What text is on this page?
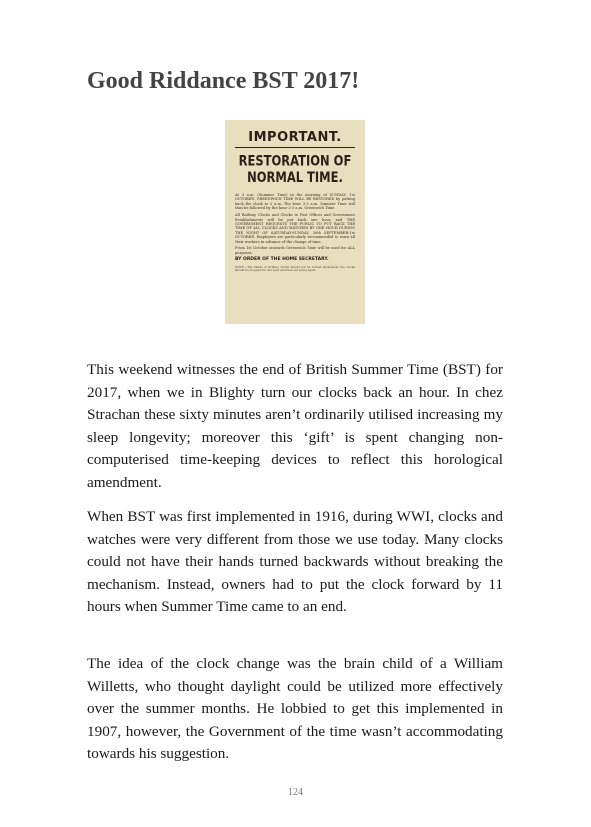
Good Riddance BST 2017!
IMPORTANT.
RESTORATION OF
NORMAL TIME.

At 3 a.m. (Summer Time) in the morning of SUNDAY, 1st OCTOBER, GREENWICH TIME WILL BE RESTORED by putting back the clock to 2 a.m. The hour 2-3 a.m. Summer Time will thus be followed by the hour 2-3 a.m. Greenwich Time.

All Railway Clocks and Clocks in Post Offices and Government Establishments will be put back one hour, and THE GOVERNMENT REQUESTS THE PUBLIC TO PUT BACK THE TIME OF ALL CLOCKS AND WATCHES BY ONE HOUR DURING THE NIGHT OF SATURDAY-SUNDAY, 30th SEPTEMBER-1st OCTOBER. Employers are particularly recommended to warn all their workers in advance of the change of time.

From 1st October onwards Greenwich Time will be used for ALL purposes.

BY ORDER OF THE HOME SECRETARY.
NOTE.—The hands of striking clocks should not be turned backwards; the clocks should be stopped for one hour and then set going again.

This weekend witnesses the end of British Summer Time (BST) for 2017, when we in Blighty turn our clocks back an hour. In chez Strachan these sixty minutes aren’t ordinarily utilised increasing my sleep longevity; moreover this ‘gift’ is spent changing non-computerised time-keeping devices to reflect this horological amendment.

When BST was first implemented in 1916, during WWI, clocks and watches were very different from those we use today. Many clocks could not have their hands turned backwards without breaking the mechanism. Instead, owners had to put the clock forward by 11 hours when Summer Time came to an end.

The idea of the clock change was the brain child of a William Willetts, who thought daylight could be utilized more effectively over the summer months. He lobbied to get this implemented in 1907, however, the Government of the time wasn’t accommodating towards his suggestion.

124
